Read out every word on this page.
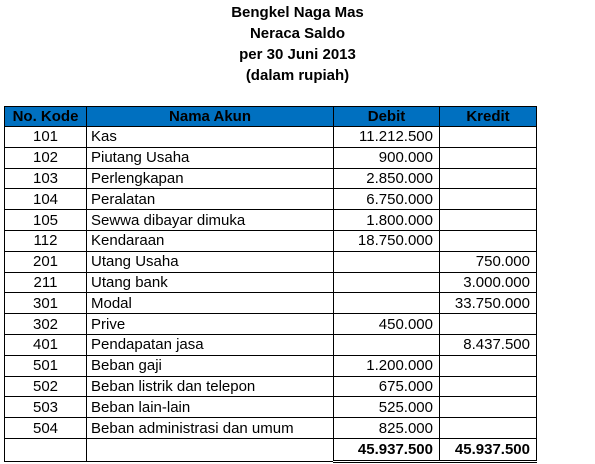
Bengkel Naga Mas
Neraca Saldo
per 30 Juni 2013
(dalam rupiah)
No. Kode	Nama Akun	Debit	Kredit
101	Kas	11.212.500	
102	Piutang Usaha	900.000	
103	Perlengkapan	2.850.000	
104	Peralatan	6.750.000	
105	Sewwa dibayar dimuka	1.800.000	
112	Kendaraan	18.750.000	
201	Utang Usaha		750.000
211	Utang bank		3.000.000
301	Modal		33.750.000
302	Prive	450.000	
401	Pendapatan jasa		8.437.500
501	Beban gaji	1.200.000	
502	Beban listrik dan telepon	675.000	
503	Beban lain-lain	525.000	
504	Beban administrasi dan umum	825.000	
		45.937.500	45.937.500
